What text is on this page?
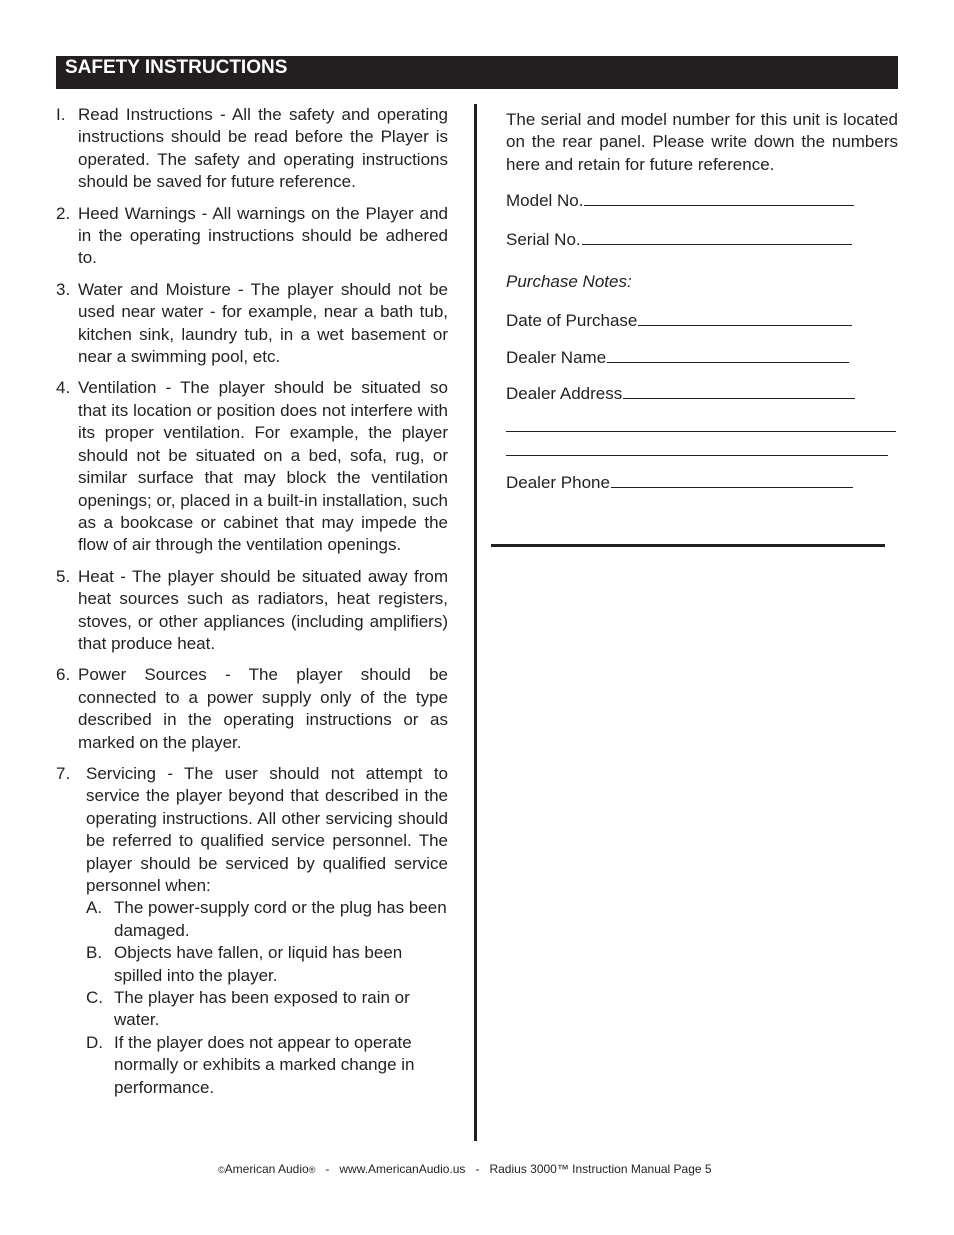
SAFETY INSTRUCTIONS
I. Read Instructions - All the safety and operating instructions should be read before the Player is operated. The safety and operating instructions should be saved for future reference.
2. Heed Warnings - All warnings on the Player and in the operating instructions should be adhered to.
3. Water and Moisture - The player should not be used near water - for example, near a bath tub, kitchen sink, laundry tub, in a wet basement or near a swimming pool, etc.
4. Ventilation - The player should be situated so that its location or position does not interfere with its proper ventilation. For example, the player should not be situated on a bed, sofa, rug, or similar surface that may block the ventilation openings; or, placed in a built-in installation, such as a bookcase or cabinet that may impede the flow of air through the ventilation openings.
5. Heat - The player should be situated away from heat sources such as radiators, heat registers, stoves, or other appliances (including amplifiers) that produce heat.
6. Power Sources - The player should be connected to a power supply only of the type described in the operating instructions or as marked on the player.
7. Servicing - The user should not attempt to service the player beyond that described in the operating instructions. All other servicing should be referred to qualified service personnel. The player should be serviced by qualified service personnel when:
A. The power-supply cord or the plug has been damaged.
B. Objects have fallen, or liquid has been spilled into the player.
C. The player has been exposed to rain or water.
D. If the player does not appear to operate normally or exhibits a marked change in performance.

The serial and model number for this unit is located on the rear panel. Please write down the numbers here and retain for future reference.

Model No.

Serial No.

Purchase Notes:

Date of Purchase

Dealer Name

Dealer Address

Dealer Phone

©American Audio® - www.AmericanAudio.us - Radius 3000™ Instruction Manual Page 5
